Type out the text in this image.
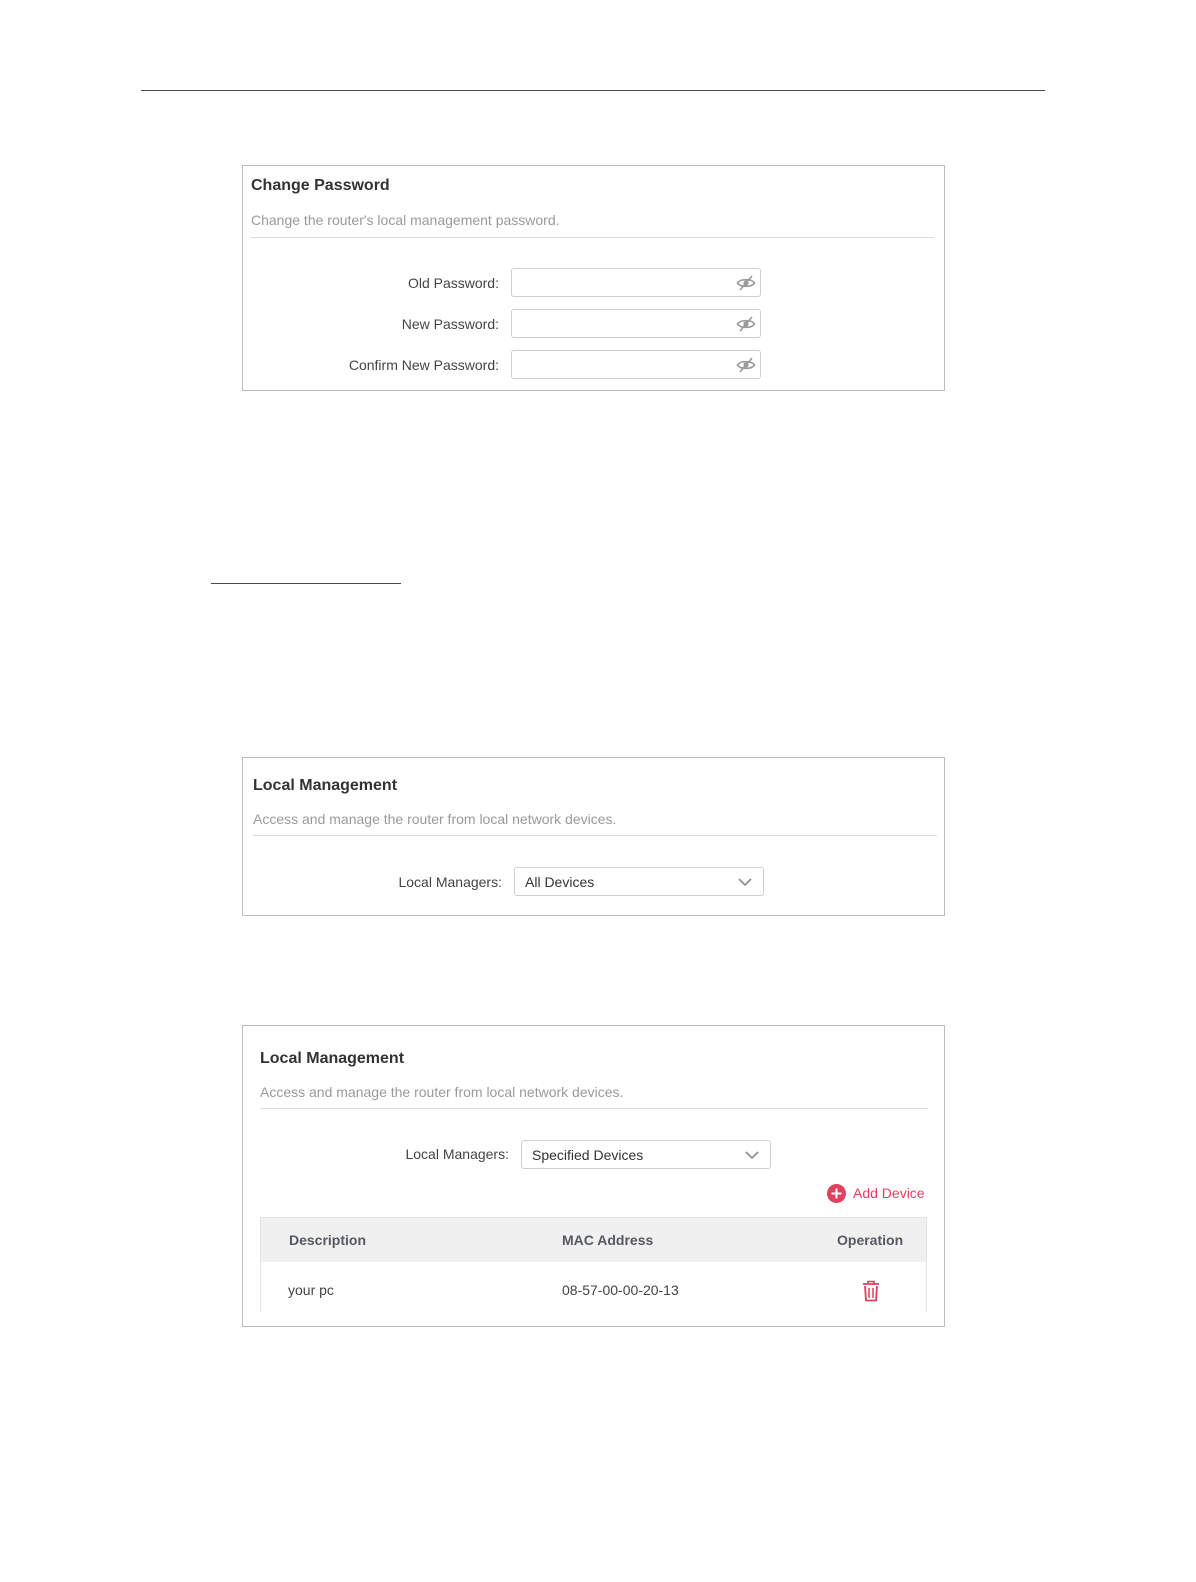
Change Password
Change the router's local management password.
Old Password:
New Password:
Confirm New Password:
Local Management
Access and manage the router from local network devices.
Local Managers: All Devices
Local Management
Access and manage the router from local network devices.
Local Managers: Specified Devices
Add Device
Description	MAC Address	Operation
your pc	08-57-00-00-20-13
